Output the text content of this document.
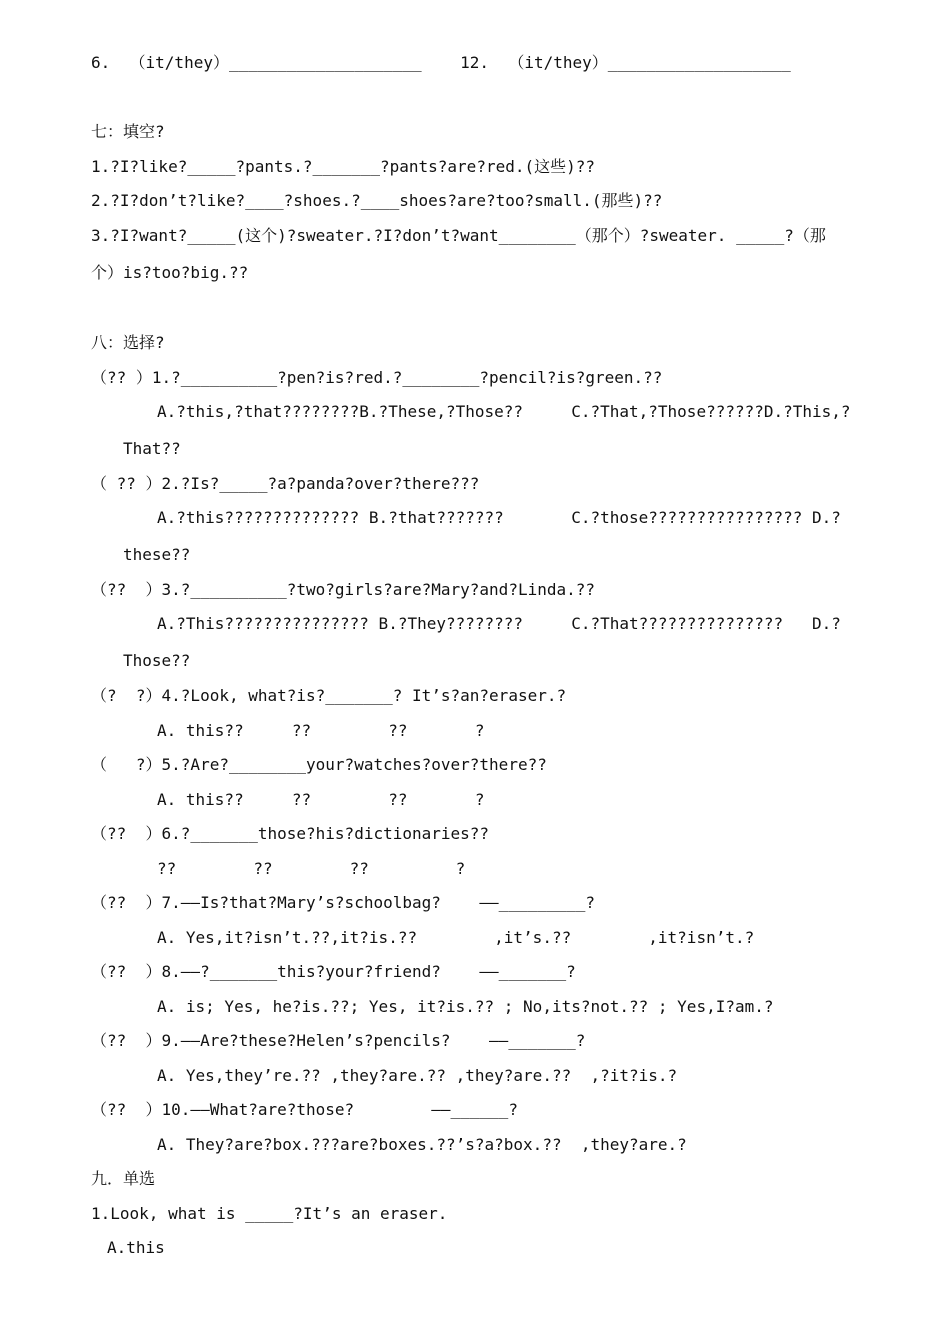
6.  （it/they）____________________    12.  （it/they）___________________
七：填空?
1.?I?like?_____?pants.?_______?pants?are?red.(这些)??
2.?I?don’t?like?____?shoes.?____shoes?are?too?small.(那些)??
3.?I?want?_____(这个)?sweater.?I?don’t?want________（那个）?sweater. _____?（那
个）is?too?big.??
八：选择?
（?? ）1.?__________?pen?is?red.?________?pencil?is?green.??
A.?this,?that????????B.?These,?Those??     C.?That,?Those??????D.?This,?
That??
（ ?? ）2.?Is?_____?a?panda?over?there???
A.?this?????????????? B.?that???????       C.?those???????????????? D.?
these??
（??  ）3.?__________?two?girls?are?Mary?and?Linda.??
A.?This??????????????? B.?They????????     C.?That???????????????   D.?
Those??
（?  ?）4.?Look, what?is?_______? It’s?an?eraser.?
A. this??     ??        ??       ?
（   ?）5.?Are?________your?watches?over?there??
A. this??     ??        ??       ?
（??  ）6.?_______those?his?dictionaries??
??        ??        ??         ?
（??  ）7.——Is?that?Mary’s?schoolbag?    ——_________?
A. Yes,it?isn’t.??,it?is.??        ,it’s.??        ,it?isn’t.?
（??  ）8.——?_______this?your?friend?    ——_______?
A. is; Yes, he?is.??; Yes, it?is.?? ; No,its?not.?? ; Yes,I?am.?
（??  ）9.——Are?these?Helen’s?pencils?    ——_______?
A. Yes,they’re.?? ,they?are.?? ,they?are.??  ,?it?is.?
（??  ）10.——What?are?those?        ——______?
A. They?are?box.???are?boxes.??’s?a?box.??  ,they?are.?
九．单选
1.Look, what is _____?It’s an eraser.
A.this
